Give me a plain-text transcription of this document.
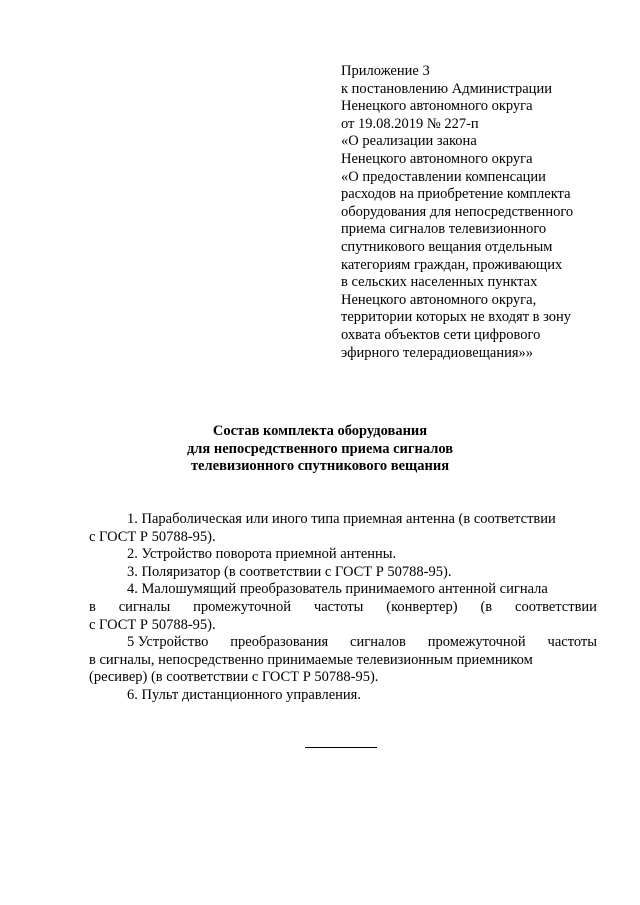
Приложение 3
к постановлению Администрации
Ненецкого автономного округа
от 19.08.2019 № 227-п
«О реализации закона
Ненецкого автономного округа
«О предоставлении компенсации
расходов на приобретение комплекта
оборудования для непосредственного
приема сигналов телевизионного
спутникового вещания отдельным
категориям граждан, проживающих
в сельских населенных пунктах
Ненецкого автономного округа,
территории которых не входят в зону
охвата объектов сети цифрового
эфирного телерадиовещания»»
Состав комплекта оборудования
для непосредственного приема сигналов
телевизионного спутникового вещания
1. Параболическая или иного типа приемная антенна (в соответствии
с ГОСТ Р 50788-95).
2. Устройство поворота приемной антенны.
3. Поляризатор (в соответствии с ГОСТ Р 50788-95).
4. Малошумящий преобразователь принимаемого антенной сигнала
в сигналы промежуточной частоты (конвертер) (в соответствии
с ГОСТ Р 50788-95).
5 Устройство преобразования сигналов промежуточной частоты
в сигналы, непосредственно принимаемые телевизионным приемником
(ресивер) (в соответствии с ГОСТ Р 50788-95).
6. Пульт дистанционного управления.
